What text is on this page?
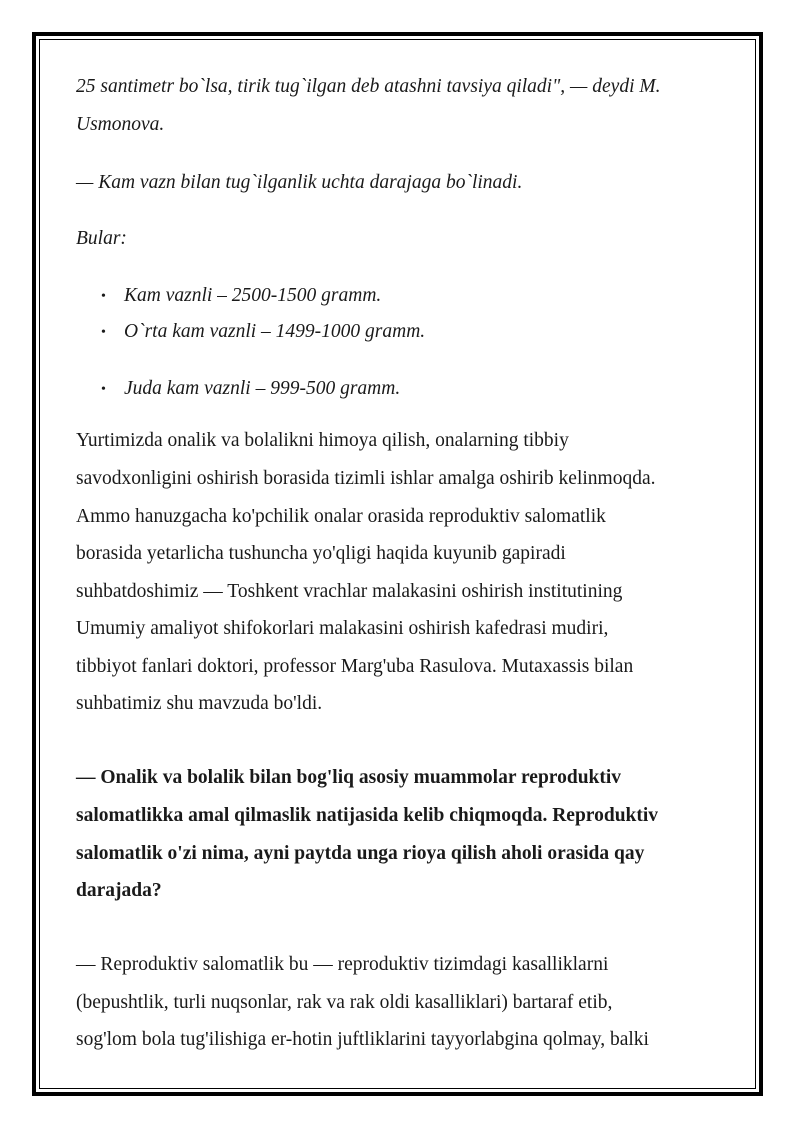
25 santimetr bo`lsa, tirik tug`ilgan deb atashni tavsiya qiladi", — deydi M.
Usmonova.
— Kam vazn bilan tug`ilganlik uchta darajaga bo`linadi.
Bular:
• Kam vaznli – 2500-1500 gramm.
• O`rta kam vaznli – 1499-1000 gramm.
• Juda kam vaznli – 999-500 gramm.
Yurtimizda onalik va bolalikni himoya qilish, onalarning tibbiy
savodxonligini oshirish borasida tizimli ishlar amalga oshirib kelinmoqda.
Ammo hanuzgacha ko'pchilik onalar orasida reproduktiv salomatlik
borasida yetarlicha tushuncha yo'qligi haqida kuyunib gapiradi
suhbatdoshimiz — Toshkent vrachlar malakasini oshirish institutining
Umumiy amaliyot shifokorlari malakasini oshirish kafedrasi mudiri,
tibbiyot fanlari doktori, professor Marg'uba Rasulova. Mutaxassis bilan
suhbatimiz shu mavzuda bo'ldi.
— Onalik va bolalik bilan bog'liq asosiy muammolar reproduktiv
salomatlikka amal qilmaslik natijasida kelib chiqmoqda. Reproduktiv
salomatlik o'zi nima, ayni paytda unga rioya qilish aholi orasida qay
darajada?
— Reproduktiv salomatlik bu — reproduktiv tizimdagi kasalliklarni
(bepushtlik, turli nuqsonlar, rak va rak oldi kasalliklari) bartaraf etib,
sog'lom bola tug'ilishiga er-hotin juftliklarini tayyorlabgina qolmay, balki
